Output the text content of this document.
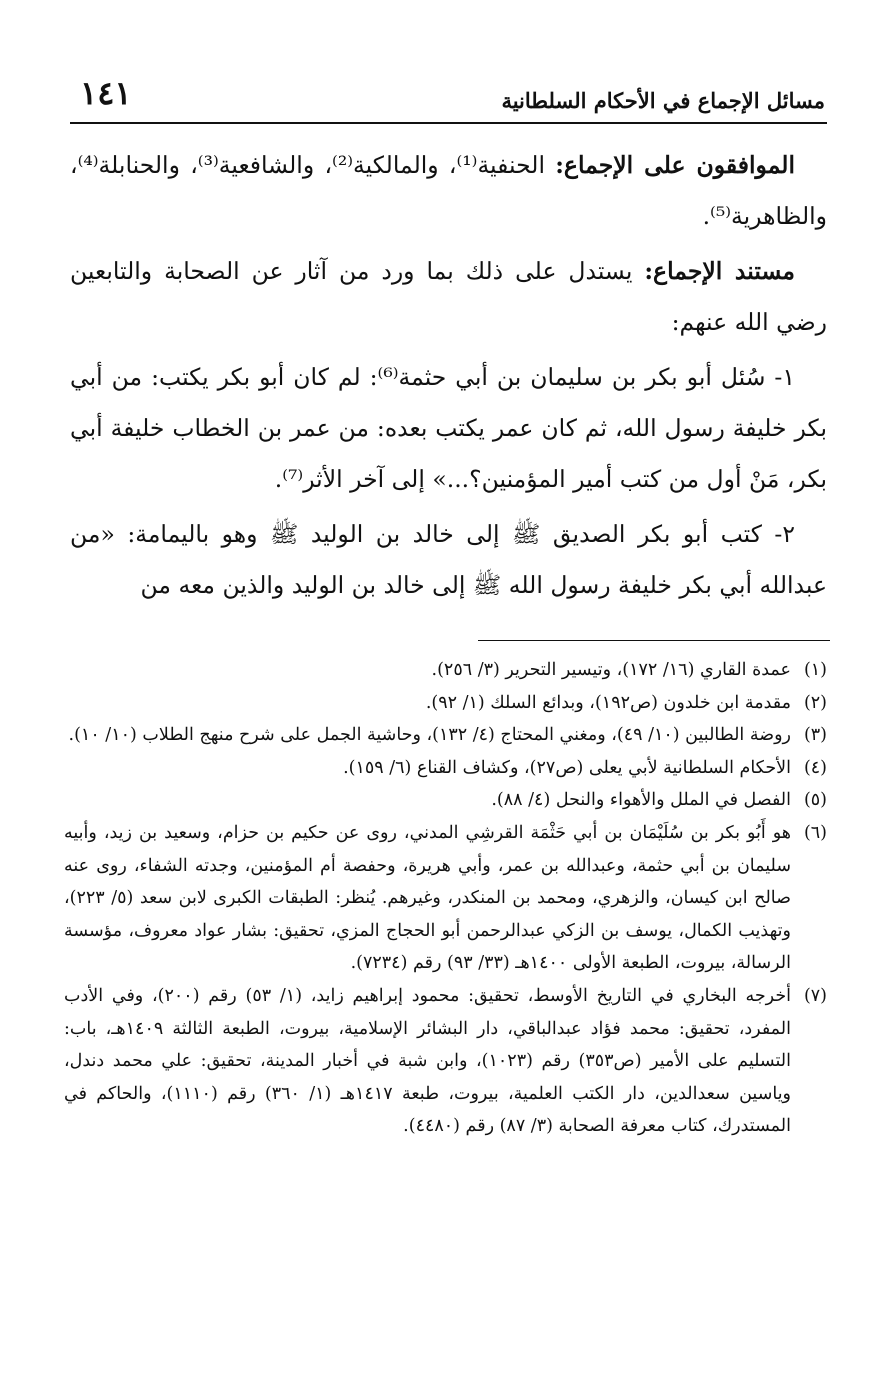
١٤١	مسائل الإجماع في الأحكام السلطانية

الموافقون على الإجماع: الحنفية⁽¹⁾، والمالكية⁽²⁾، والشافعية⁽³⁾، والحنابلة⁽⁴⁾، والظاهرية⁽⁵⁾.

مستند الإجماع: يستدل على ذلك بما ورد من آثار عن الصحابة والتابعين رضي الله عنهم:

١- سُئل أبو بكر بن سليمان بن أبي حثمة⁽⁶⁾: لم كان أبو بكر يكتب: من أبي بكر خليفة رسول الله، ثم كان عمر يكتب بعده: من عمر بن الخطاب خليفة أبي بكر، مَنْ أول من كتب أمير المؤمنين؟...» إلى آخر الأثر⁽⁷⁾.

٢- كتب أبو بكر الصديق ﷺ إلى خالد بن الوليد ﷺ وهو باليمامة: «من عبدالله أبي بكر خليفة رسول الله ﷺ إلى خالد بن الوليد والذين معه من

(١)
عمدة القاري (١٦/ ١٧٢)، وتيسير التحرير (٣/ ٢٥٦).
(٢)
مقدمة ابن خلدون (ص١٩٢)، وبدائع السلك (١/ ٩٢).
(٣)
روضة الطالبين (١٠/ ٤٩)، ومغني المحتاج (٤/ ١٣٢)، وحاشية الجمل على شرح منهج الطلاب (١٠/ ١٠).
(٤)
الأحكام السلطانية لأبي يعلى (ص٢٧)، وكشاف القناع (٦/ ١٥٩).
(٥)
الفصل في الملل والأهواء والنحل (٤/ ٨٨).
(٦)
هو أَبُو بكر بن سُلَيْمَان بن أبي حَثْمَة القرشِي المدني، روى عن حكيم بن حزام، وسعيد بن زيد، وأبيه سليمان بن أبي حثمة، وعبدالله بن عمر، وأبي هريرة، وحفصة أم المؤمنين، وجدته الشفاء، روى عنه صالح ابن كيسان، والزهري، ومحمد بن المنكدر، وغيرهم. يُنظر: الطبقات الكبرى لابن سعد (٥/ ٢٢٣)، وتهذيب الكمال، يوسف بن الزكي عبدالرحمن أبو الحجاج المزي، تحقيق: بشار عواد معروف، مؤسسة الرسالة، بيروت، الطبعة الأولى ١٤٠٠هـ (٣٣/ ٩٣) رقم (٧٢٣٤).
(٧)
أخرجه البخاري في التاريخ الأوسط، تحقيق: محمود إبراهيم زايد، (١/ ٥٣) رقم (٢٠٠)، وفي الأدب المفرد، تحقيق: محمد فؤاد عبدالباقي، دار البشائر الإسلامية، بيروت، الطبعة الثالثة ١٤٠٩هـ، باب: التسليم على الأمير (ص٣٥٣) رقم (١٠٢٣)، وابن شبة في أخبار المدينة، تحقيق: علي محمد دندل، وياسين سعدالدين، دار الكتب العلمية، بيروت، طبعة ١٤١٧هـ (١/ ٣٦٠) رقم (١١١٠)، والحاكم في المستدرك، كتاب معرفة الصحابة (٣/ ٨٧) رقم (٤٤٨٠).
